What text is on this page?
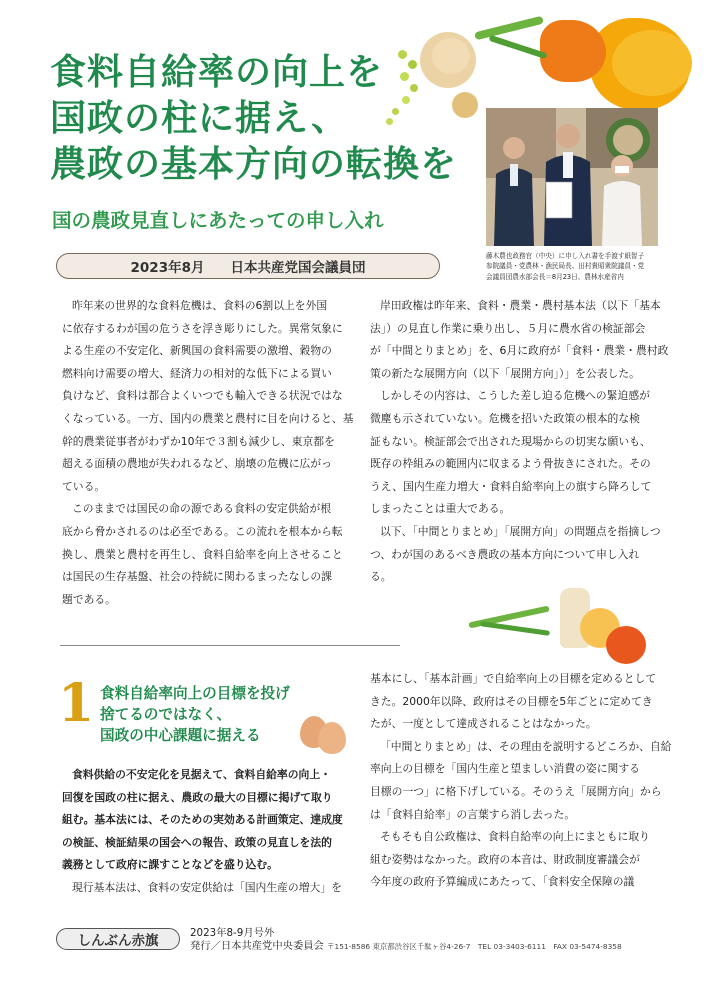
食料自給率の向上を
国政の柱に据え、
農政の基本方向の転換を
国の農政見直しにあたっての申し入れ
2023年8月 日本共産党国会議員団
藤木農也政務官（中央）に申し入れ書を手渡す紙智子
参院議員・党農林・漁民局長、田村貴昭衆院議員・党
会議員団農水部会長＝8月23日、農林水産省内
昨年来の世界的な食料危機は、食料の6割以上を外国
に依存するわが国の危うさを浮き彫りにした。異常気象に
よる生産の不安定化、新興国の食料需要の激増、穀物の
燃料向け需要の増大、経済力の相対的な低下による買い
負けなど、食料は都合よくいつでも輸入できる状況ではな
くなっている。一方、国内の農業と農村に目を向けると、基
幹的農業従事者がわずか10年で３割も減少し、東京都を
超える面積の農地が失われるなど、崩壊の危機に広がっ
ている。
このままでは国民の命の源である食料の安定供給が根
底から脅かされるのは必至である。この流れを根本から転
換し、農業と農村を再生し、食料自給率を向上させること
は国民の生存基盤、社会の持続に関わるまったなしの課
題である。
岸田政権は昨年来、食料・農業・農村基本法（以下「基本
法」）の見直し作業に乗り出し、５月に農水省の検証部会
が「中間とりまとめ」を、6月に政府が「食料・農業・農村政
策の新たな展開方向（以下「展開方向」）」を公表した。
しかしその内容は、こうした差し迫る危機への緊迫感が
微塵も示されていない。危機を招いた政策の根本的な検
証もない。検証部会で出された現場からの切実な願いも、
既存の枠組みの範囲内に収まるよう骨抜きにされた。その
うえ、国内生産力増大・食料自給率向上の旗すら降ろして
しまったことは重大である。
以下、「中間とりまとめ」「展開方向」の問題点を指摘しつ
つ、わが国のあるべき農政の基本方向について申し入れ
る。
1 食料自給率向上の目標を投げ
捨てるのではなく、
国政の中心課題に据える
食料供給の不安定化を見据えて、食料自給率の向上・
回復を国政の柱に据え、農政の最大の目標に掲げて取り
組む。基本法には、そのための実効ある計画策定、達成度
の検証、検証結果の国会への報告、政策の見直しを法的
義務として政府に課すことなどを盛り込む。
現行基本法は、食料の安定供給は「国内生産の増大」を
基本にし、「基本計画」で自給率向上の目標を定めるとして
きた。2000年以降、政府はその目標を5年ごとに定めてき
たが、一度として達成されることはなかった。
「中間とりまとめ」は、その理由を説明するどころか、自給
率向上の目標を「国内生産と望ましい消費の姿に関する
目標の一つ」に格下げしている。そのうえ「展開方向」から
は「食料自給率」の言葉すら消し去った。
そもそも自公政権は、食料自給率の向上にまともに取り
組む姿勢はなかった。政府の本音は、財政制度審議会が
今年度の政府予算編成にあたって、「食料安全保障の議
しんぶん赤旗	2023年8-9月号外
発行／日本共産党中央委員会 〒151-8586 東京都渋谷区千駄ヶ谷4-26-7　TEL 03-3403-6111　FAX 03-5474-8358
